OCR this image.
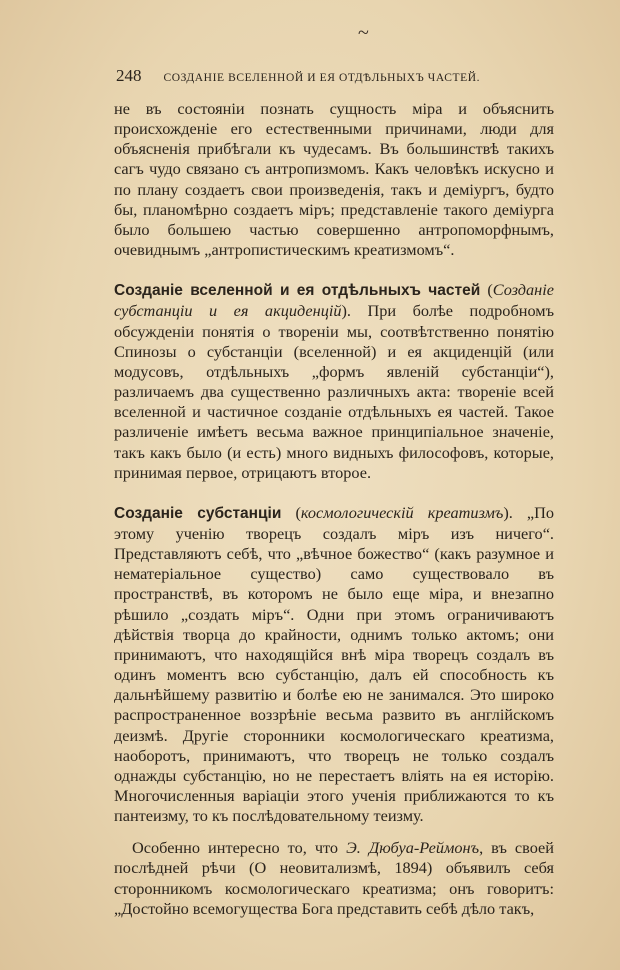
~
248 СОЗДАНІЕ ВСЕЛЕННОЙ И ЕЯ ОТДѢЛЬНЫХЪ ЧАСТЕЙ.

не въ состояніи познать сущность міра и объяснить происхожденіе его естественными причинами, люди для объясненія прибѣгали къ чудесамъ. Въ большинствѣ такихъ сагъ чудо связано съ антропизмомъ. Какъ человѣкъ искусно и по плану создаетъ свои произведенія, такъ и деміургъ, будто бы, планомѣрно создаетъ міръ; представленіе такого деміурга было большею частью совершенно антропоморфнымъ, очевиднымъ „антропистическимъ креатизмомъ“.

Созданіе вселенной и ея отдѣльныхъ частей (Созданіе субстанціи и ея акциденцій). При болѣе подробномъ обсужденіи понятія о твореніи мы, соотвѣтственно понятію Спинозы о субстанціи (вселенной) и ея акциденцій (или модусовъ, отдѣльныхъ „формъ явленій субстанціи“), различаемъ два существенно различныхъ акта: твореніе всей вселенной и частичное созданіе отдѣльныхъ ея частей. Такое различеніе имѣетъ весьма важное принципіальное значеніе, такъ какъ было (и есть) много видныхъ философовъ, которые, принимая первое, отрицаютъ второе.

Созданіе субстанціи (космологическій креатизмъ). „По этому ученію творецъ создалъ міръ изъ ничего“. Представляютъ себѣ, что „вѣчное божество“ (какъ разумное и нематеріальное существо) само существовало въ пространствѣ, въ которомъ не было еще міра, и внезапно рѣшило „создать міръ“. Одни при этомъ ограничиваютъ дѣйствія творца до крайности, однимъ только актомъ; они принимаютъ, что находящійся внѣ міра творецъ создалъ въ одинъ моментъ всю субстанцію, далъ ей способность къ дальнѣйшему развитію и болѣе ею не занимался. Это широко распространенное воззрѣніе весьма развито въ англійскомъ деизмѣ. Другіе сторонники космологическаго креатизма, наоборотъ, принимаютъ, что творецъ не только создалъ однажды субстанцію, но не перестаетъ вліять на ея исторію. Многочисленныя варіаціи этого ученія приближаются то къ пантеизму, то къ послѣдовательному теизму.

Особенно интересно то, что Э. Дюбуа-Реймонъ, въ своей послѣдней рѣчи (О неовитализмѣ, 1894) объявилъ себя сторонникомъ космологическаго креатизма; онъ говоритъ: „Достойно всемогущества Бога представить себѣ дѣло такъ,
